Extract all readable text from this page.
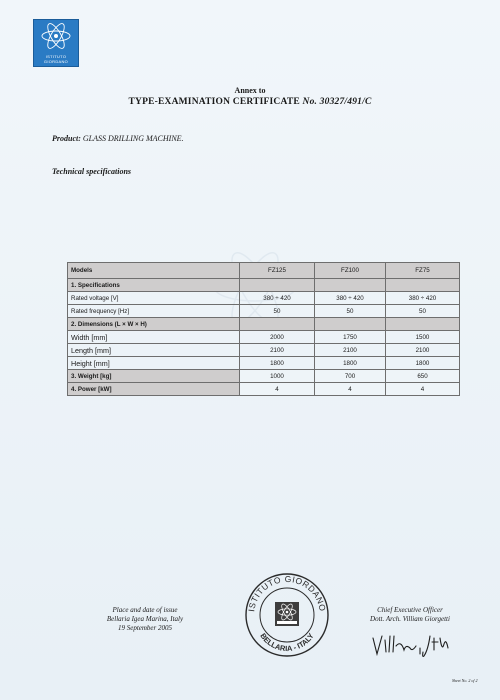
ISTITUTO
GIORDANO
Annex to
TYPE-EXAMINATION CERTIFICATE No. 30327/491/C
Product: GLASS DRILLING MACHINE.
Technical specifications
Models	FZ125	FZ100	FZ75
1. Specifications			
Rated voltage [V]	380 ÷ 420	380 ÷ 420	380 ÷ 420
Rated frequency [Hz]	50	50	50
2. Dimensions (L × W × H)			
Width [mm]	2000	1750	1500
Length [mm]	2100	2100	2100
Height [mm]	1800	1800	1800
3. Weight [kg]	1000	700	650
4. Power [kW]	4	4	4
Place and date of issue
Bellaria Igea Marina, Italy
19 September 2005
ISTITUTO GIORDANO
BELLARIA - ITALY
Chief Executive Officer
Dott. Arch. Villiam Giorgetti
Sheet No. 2 of 2
